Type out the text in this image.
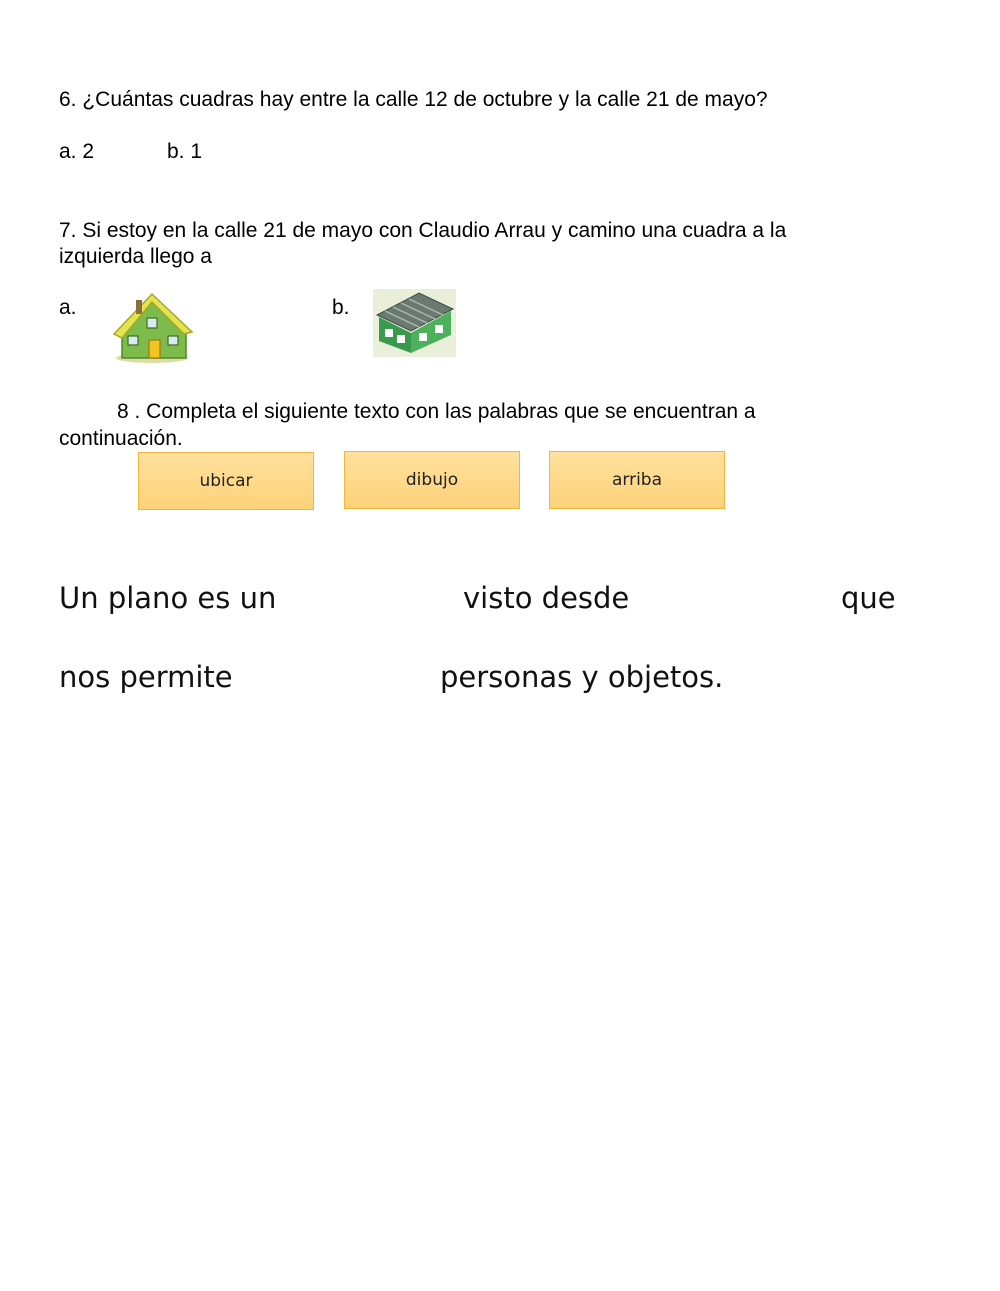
6. ¿Cuántas cuadras hay entre la calle 12 de octubre y la calle 21 de mayo?
a. 2	b. 1
7. Si estoy en la calle 21 de mayo con Claudio Arrau y camino una cuadra a la
izquierda llego a
a.	b.
8 . Completa el siguiente texto con las palabras que se encuentran a
continuación.
ubicar	dibujo	arriba
Un plano es un	visto desde	que
nos permite	personas y objetos.
